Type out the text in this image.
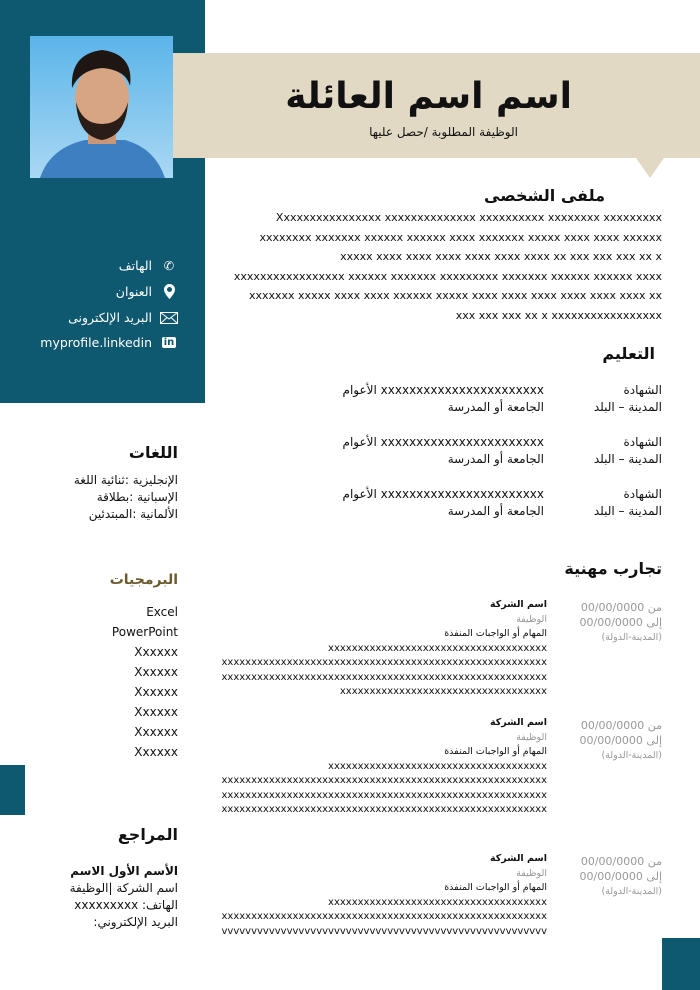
اسم اسم العائلة
الوظيفة المطلوبة /حصل عليها
✆
الهاتف
العنوان
البريد الإلكترونى
in
myprofile.linkedin
ملفى الشخصى
Xxxxxxxxxxxxxxxx xxxxxxxxxxxxxx xxxxxxxxxx xxxxxxxx xxxxxxxxx
xxxxxxxx xxxxxxx xxxxxx xxxxxx xxxx xxxxxxx xxxxx xxxx xxxx xxxxxx
xxxxx xxxx xxxx xxxx xxxx xxxx xxxx xx xxx xxx xxx xx x
xxxxxxxxxxxxxxxxx xxxxxx xxxxxxx xxxxxxxxx xxxxxxx xxxxxx xxxxxx xxxx
xxxxxxx xxxxx xxxx xxxx xxxxxx xxxxx xxxx xxxx xxxx xxxx xxxx xxxx xx
xxx xxx xxx xx x xxxxxxxxxxxxxxxxx
التعليم
الشهادة
المدينة – البلد
xxxxxxxxxxxxxxxxxxxxxxx الأعوام
الجامعة أو المدرسة
الشهادة
المدينة – البلد
xxxxxxxxxxxxxxxxxxxxxxx الأعوام
الجامعة أو المدرسة
الشهادة
المدينة – البلد
xxxxxxxxxxxxxxxxxxxxxxx الأعوام
الجامعة أو المدرسة
تجارب مهنية
من 00/00/0000
إلى 00/00/0000
(المدينة-الدولة)
اسم الشركة
الوظيفة
المهام أو الواجبات المنفذة
xxxxxxxxxxxxxxxxxxxxxxxxxxxxxxxxxxxxx
xxxxxxxxxxxxxxxxxxxxxxxxxxxxxxxxxxxxxxxxxxxxxxxxxxxxxxx
xxxxxxxxxxxxxxxxxxxxxxxxxxxxxxxxxxxxxxxxxxxxxxxxxxxxxxx
xxxxxxxxxxxxxxxxxxxxxxxxxxxxxxxxxxx
من 00/00/0000
إلى 00/00/0000
(المدينة-الدولة)
اسم الشركة
الوظيفة
المهام أو الواجبات المنفذة
xxxxxxxxxxxxxxxxxxxxxxxxxxxxxxxxxxxxx
xxxxxxxxxxxxxxxxxxxxxxxxxxxxxxxxxxxxxxxxxxxxxxxxxxxxxxx
xxxxxxxxxxxxxxxxxxxxxxxxxxxxxxxxxxxxxxxxxxxxxxxxxxxxxxx
xxxxxxxxxxxxxxxxxxxxxxxxxxxxxxxxxxxxxxxxxxxxxxxxxxxxxxx
من 00/00/0000
إلى 00/00/0000
(المدينة-الدولة)
اسم الشركة
الوظيفة
المهام أو الواجبات المنفذة
xxxxxxxxxxxxxxxxxxxxxxxxxxxxxxxxxxxxx
xxxxxxxxxxxxxxxxxxxxxxxxxxxxxxxxxxxxxxxxxxxxxxxxxxxxxxx
vvvvvvvvvvvvvvvvvvvvvvvvvvvvvvvvvvvvvvvvvvvvvvvvvvvvvvv
اللغات
الإنجليزية :ثنائية اللغة
الإسبانية :بطلاقة
الألمانية :المبتدئين
البرمجيات
Excel
PowerPoint
Xxxxxx
Xxxxxx
Xxxxxx
Xxxxxx
Xxxxxx
Xxxxxx
المراجع
الأسم الأول الاسم
اسم الشركة |الوظيفة
الهاتف: xxxxxxxxx
البريد الإلكتروني:
